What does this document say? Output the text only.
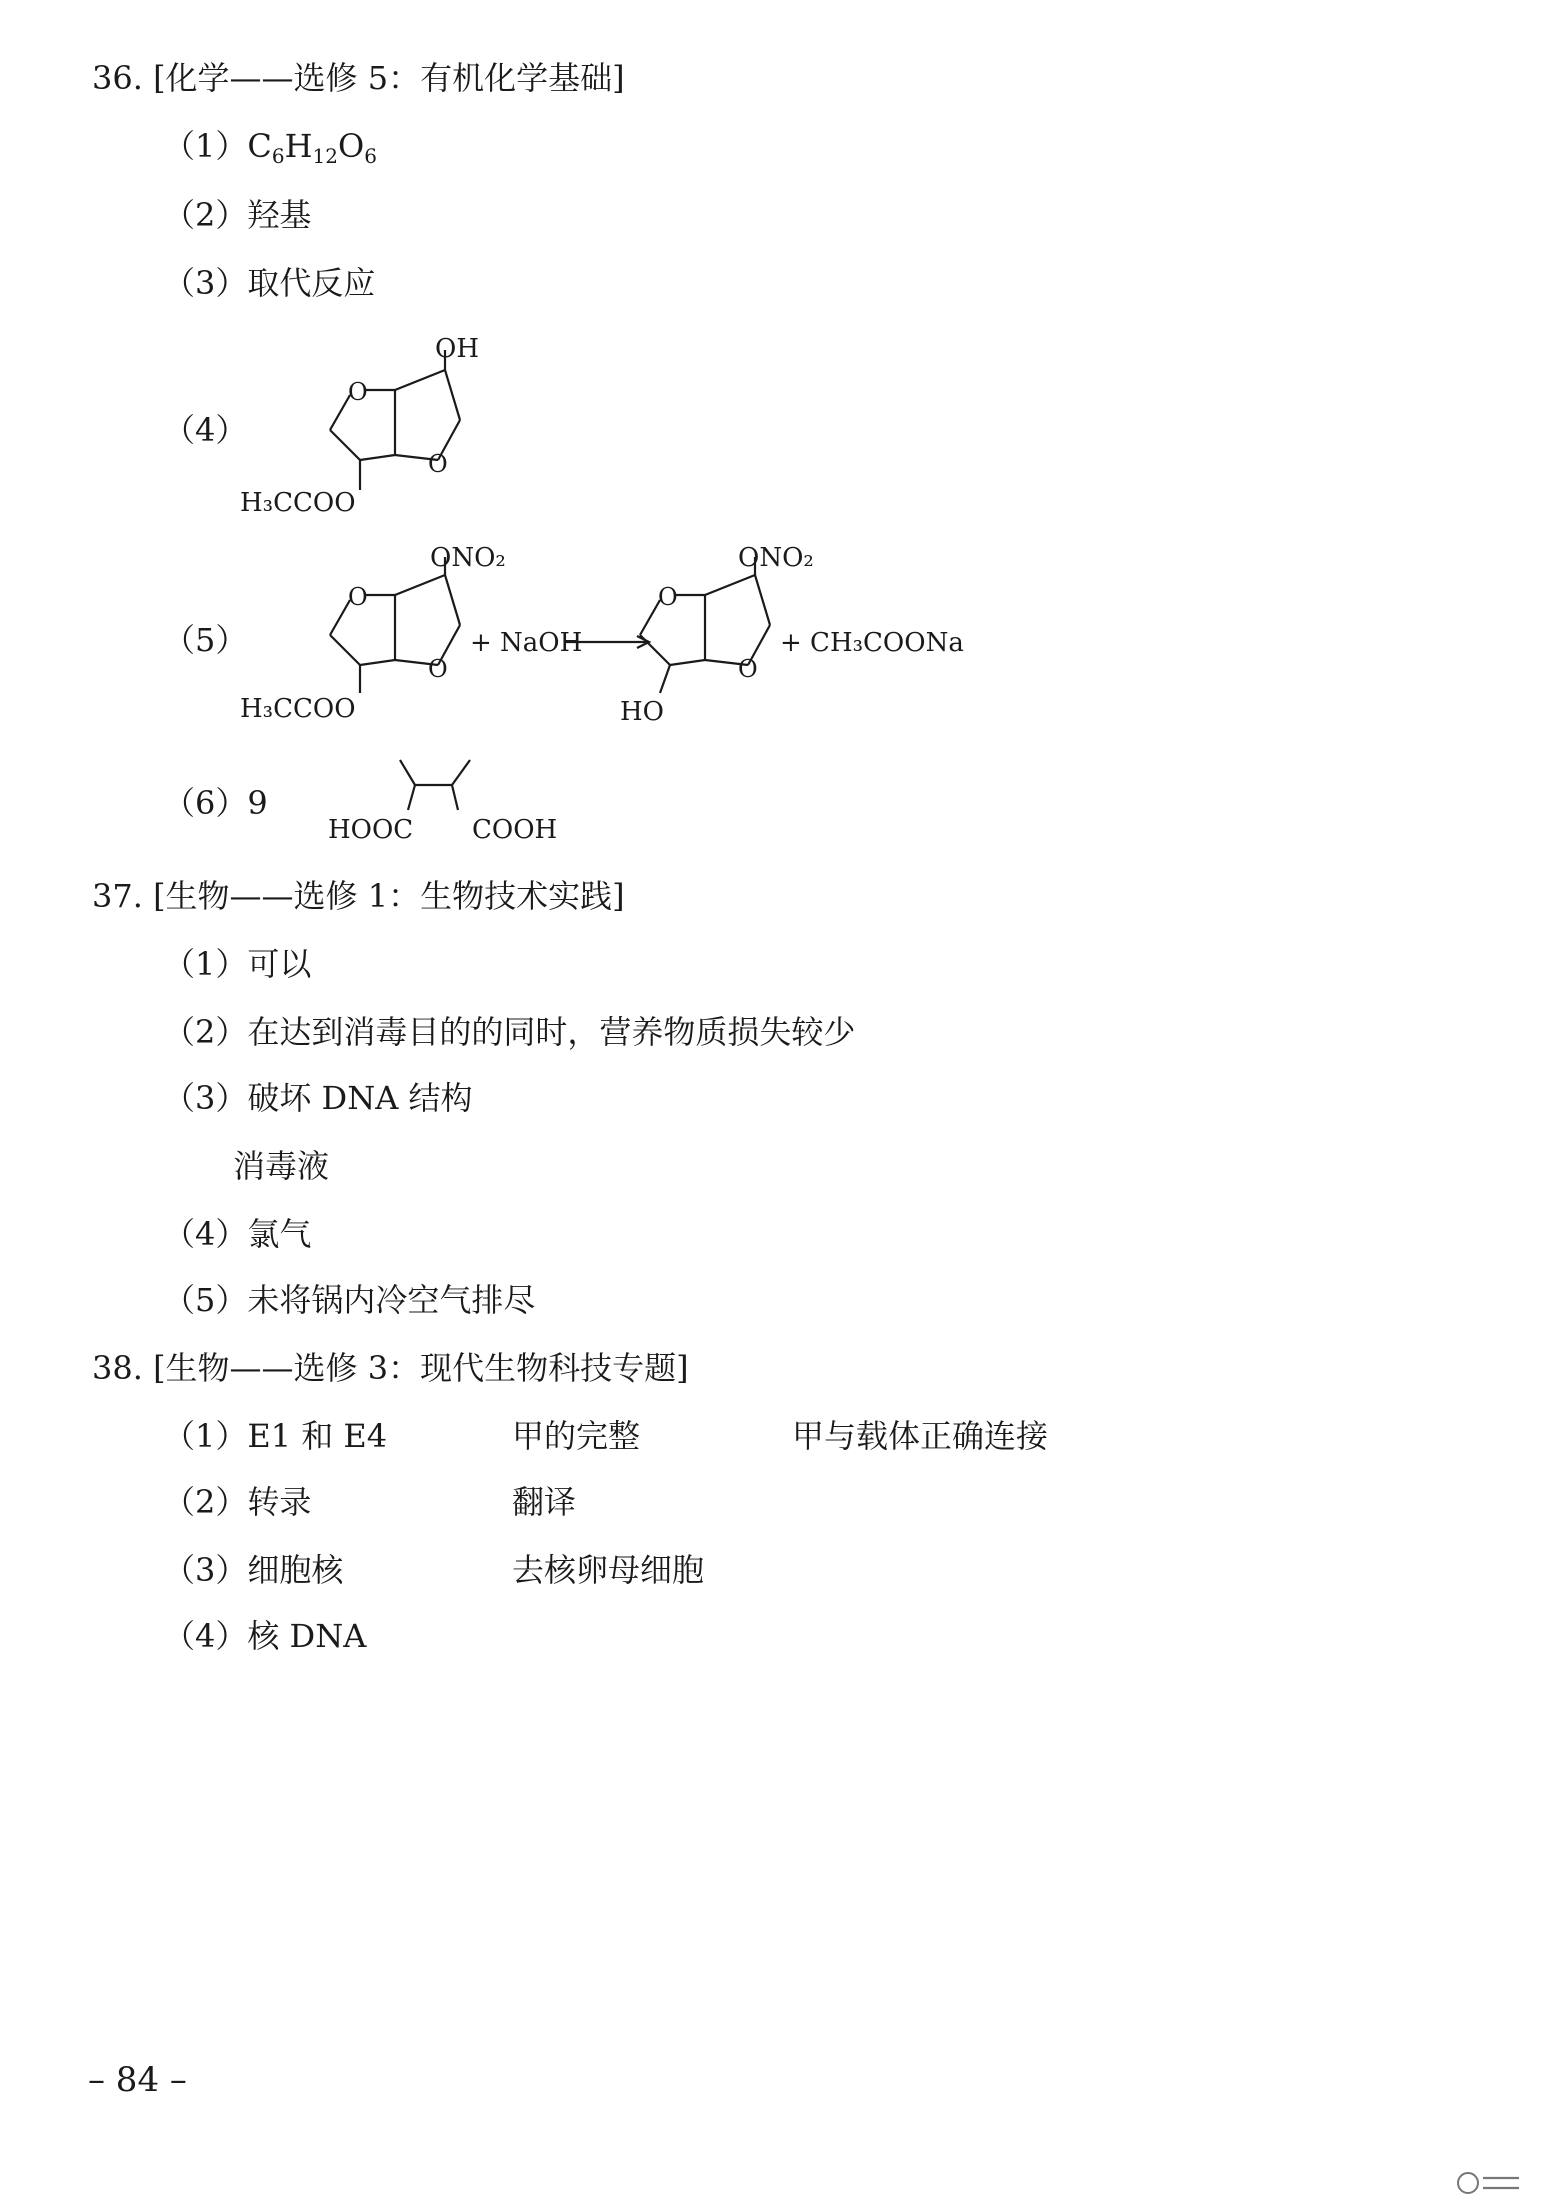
36. [化学——选修 5：有机化学基础]
$(1)C_6H_{12}O_6$
（2）羟基
（3）取代反应
（4）
O
O
OH
H₃CCOO
（5）
O
O
ONO₂
H₃CCOO
+ NaOH
O
O
ONO₂
HO
+ CH₃COONa
（6）9
HOOC COOH
37. [生物——选修 1：生物技术实践]
（1）可以
（2）在达到消毒目的的同时，营养物质损失较少
（3）破坏 DNA 结构
消毒液
（4）氯气
（5）未将锅内冷空气排尽
38. [生物——选修 3：现代生物科技专题]
（1）E1 和 E4	甲的完整	甲与载体正确连接
（2）转录	翻译
（3）细胞核	去核卵母细胞
（4）核 DNA
– 84 –
